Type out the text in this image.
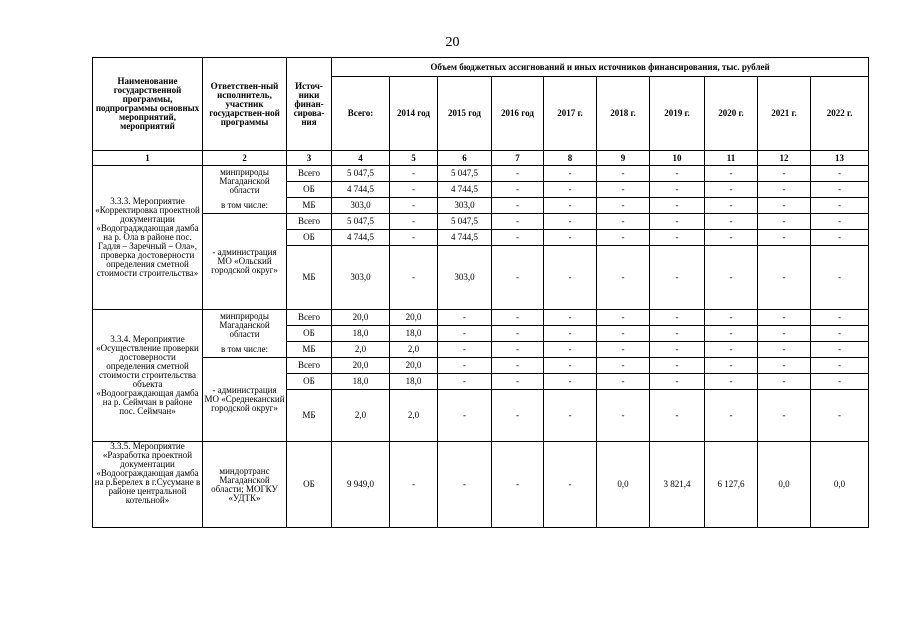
20
Наименование государственной программы, подпрограммы основных мероприятий, мероприятий	Ответствен-ный исполнитель, участник государствен-ной программы	Источ-ники финан-сирова-ния	Объем бюджетных ассигнований и иных источников финансирования, тыс. рублей									
			Всего:	2014 год	2015 год	2016 год	2017 г.	2018 г.	2019 г.	2020 г.	2021 г.	2022 г.
1	2	3	4	5	6	7	8	9	10	11	12	13
3.3.3. Мероприятие «Корректировка проектной документации «Водоградждающая дамба на р. Ола в районе пос. Гадля – Заречный – Ола», проверка достоверности определения сметной стоимости строительства»	минприроды Магаданской области	Всего	5 047,5	-	5 047,5	-	-	-	-	-	-	-
		ОБ	4 744,5	-	4 744,5	-	-	-	-	-	-	-
	в том числе:	МБ	303,0	-	303,0	-	-	-	-	-	-	-
	- администрация МО «Ольский городской округ»	Всего	5 047,5	-	5 047,5	-	-	-	-	-	-	-
		ОБ	4 744,5	-	4 744,5	-	-	-	-	-	-	-
		МБ	303,0	-	303,0	-	-	-	-	-	-	-
3.3.4. Мероприятие «Осуществление проверки достоверности определения сметной стоимости строительства объекта «Водоограждающая дамба на р. Сеймчан в районе пос. Сеймчан»	минприроды Магаданской области	Всего	20,0	20,0	-	-	-	-	-	-	-	-
		ОБ	18,0	18,0	-	-	-	-	-	-	-	-
	в том числе:	МБ	2,0	2,0	-	-	-	-	-	-	-	-
	- администрация МО «Среднеканский городской округ»	Всего	20,0	20,0	-	-	-	-	-	-	-	-
		ОБ	18,0	18,0	-	-	-	-	-	-	-	-
		МБ	2,0	2,0	-	-	-	-	-	-	-	-
3.3.5. Мероприятие «Разработка проектной документации «Водоограждающая дамба на р.Берелех в г.Сусумане в районе центральной котельной»	миндортранс Магаданской области; МОГКУ «УДТК»	ОБ	9 949,0	-	-	-	-	0,0	3 821,4	6 127,6	0,0	0,0
